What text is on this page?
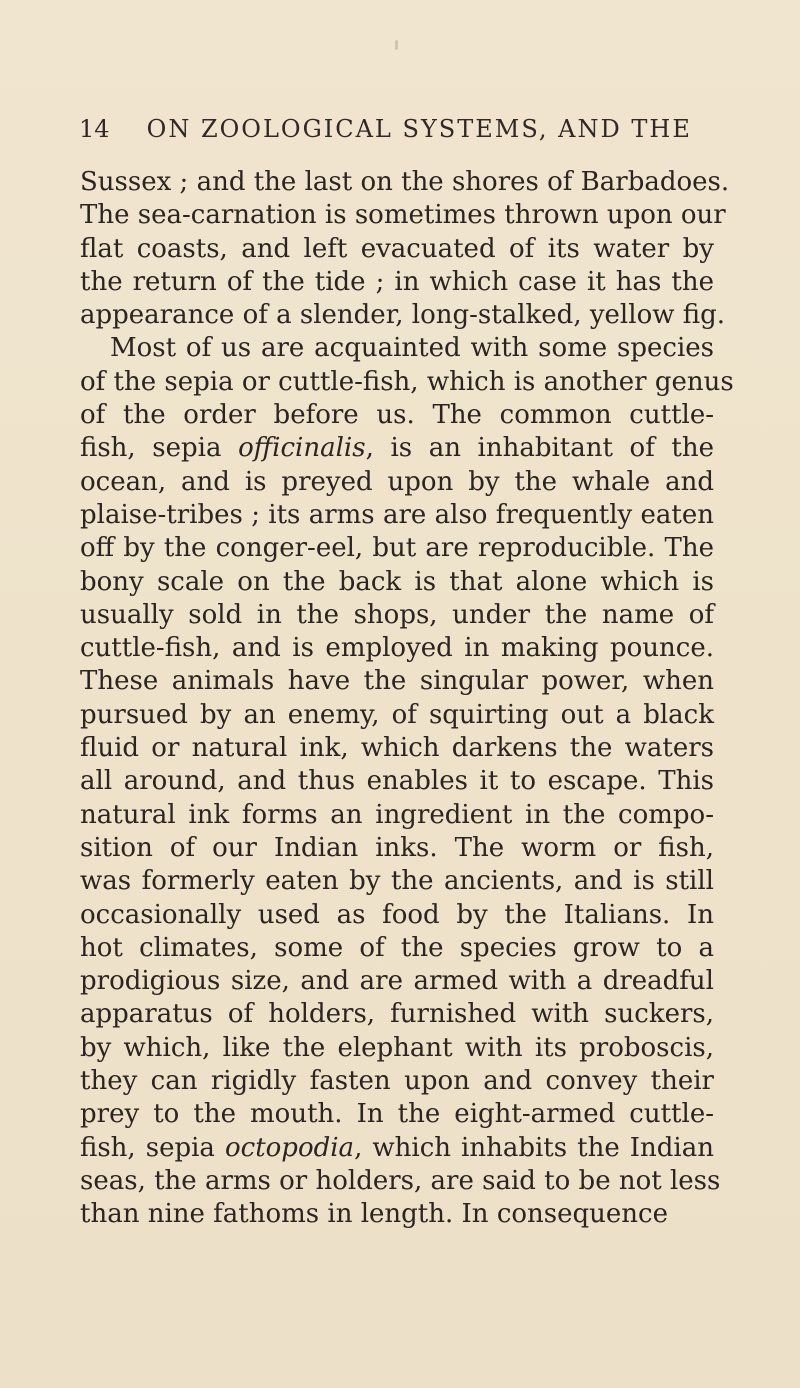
14 ON ZOOLOGICAL SYSTEMS, AND THE
Sussex ; and the last on the shores of Barbadoes.
The sea-carnation is sometimes thrown upon our
flat coasts, and left evacuated of its water by
the return of the tide ; in which case it has the
appearance of a slender, long-stalked, yellow fig.
Most of us are acquainted with some species
of the sepia or cuttle-fish, which is another genus
of the order before us. The common cuttle-
fish, sepia officinalis, is an inhabitant of the
ocean, and is preyed upon by the whale and
plaise-tribes ; its arms are also frequently eaten
off by the conger-eel, but are reproducible. The
bony scale on the back is that alone which is
usually sold in the shops, under the name of
cuttle-fish, and is employed in making pounce.
These animals have the singular power, when
pursued by an enemy, of squirting out a black
fluid or natural ink, which darkens the waters
all around, and thus enables it to escape. This
natural ink forms an ingredient in the compo-
sition of our Indian inks. The worm or fish,
was formerly eaten by the ancients, and is still
occasionally used as food by the Italians. In
hot climates, some of the species grow to a
prodigious size, and are armed with a dreadful
apparatus of holders, furnished with suckers,
by which, like the elephant with its proboscis,
they can rigidly fasten upon and convey their
prey to the mouth. In the eight-armed cuttle-
fish, sepia octopodia, which inhabits the Indian
seas, the arms or holders, are said to be not less
than nine fathoms in length. In consequence
